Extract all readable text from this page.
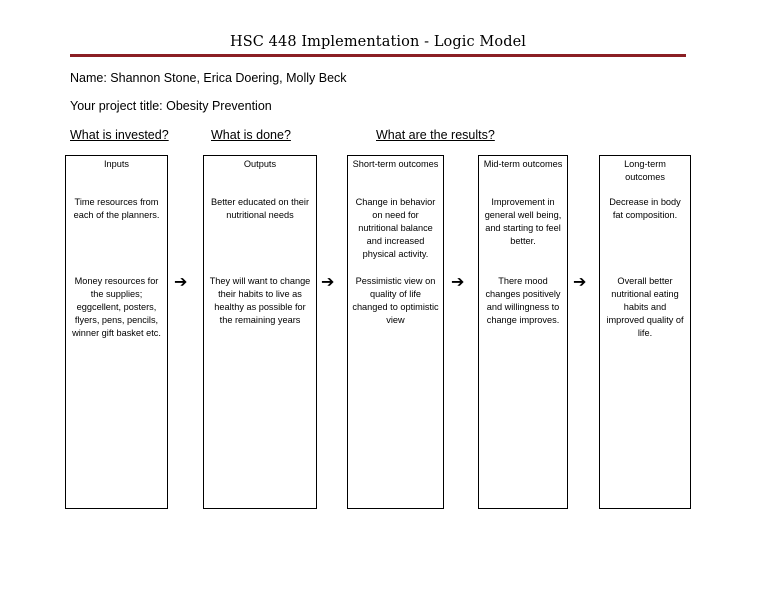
HSC 448 Implementation - Logic Model
Name: Shannon Stone, Erica Doering, Molly Beck
Your project title: Obesity Prevention
What is invested?	What is done?	What are the results?
Inputs
Time resources from each of the planners.
Money resources for the supplies; eggcellent, posters, flyers, pens, pencils, winner gift basket etc.
➔
Outputs
Better educated on their nutritional needs
They will want to change their habits to live as healthy as possible for the remaining years
➔
Short-term outcomes
Change in behavior on need for nutritional balance and increased physical activity.
Pessimistic view on quality of life changed to optimistic view
➔
Mid-term outcomes
Improvement in general well being, and starting to feel better.
There mood changes positively and willingness to change improves.
➔
Long-term outcomes
Decrease in body fat composition.
Overall better nutritional eating habits and improved quality of life.
